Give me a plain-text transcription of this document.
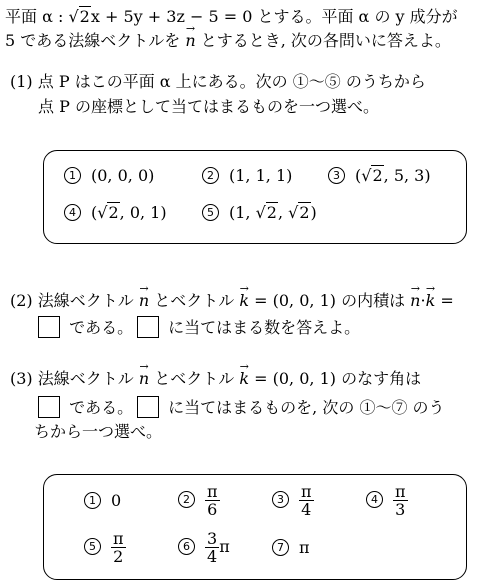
平面 α : √2x + 5y + 3z − 5 = 0 とする。平面 α の y 成分が
5 である法線ベクトルを n → とするとき, 次の各問いに答えよ。
(1) 点 P はこの平面 α 上にある。次の ①〜⑤ のうちから
点 P の座標として当てはまるものを一つ選べ。
1 (0, 0, 0)	2 (1, 1, 1)	3 (√2, 5, 3)
4 (√2, 0, 1)	5 (1, √2, √2)
(2) 法線ベクトル n → とベクトル k → = (0, 0, 1) の内積は n →·k → =
である。 に当てはまる数を答えよ。
(3) 法線ベクトル n → とベクトル k → = (0, 0, 1) のなす角は
である。 に当てはまるものを, 次の ①〜⑦ のう
ちから一つ選べ。
1 0	$2 \frac{\pi}{6}$	$3 \frac{\pi}{4}$	$4 \frac{\pi}{3}$
$5 \frac{\pi}{2}$	$6 \frac{3}{4}$ π	7 π
